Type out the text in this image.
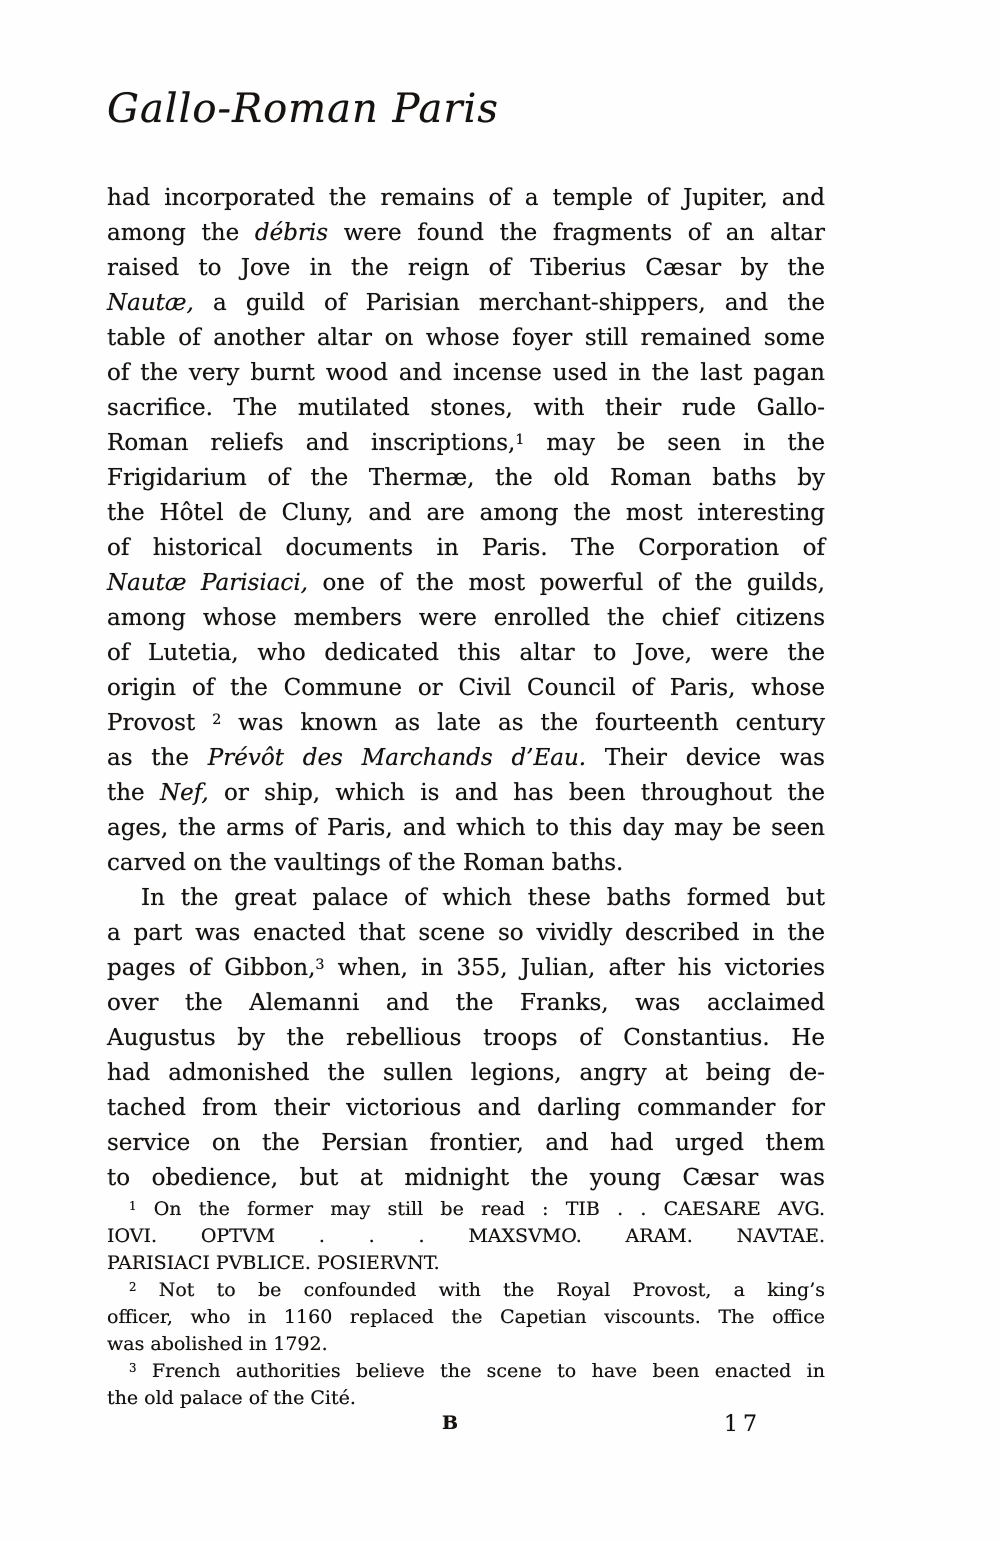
Gallo-Roman Paris
had incorporated the remains of a temple of Jupiter, and
among the débris were found the fragments of an altar
raised to Jove in the reign of Tiberius Cæsar by the
Nautæ, a guild of Parisian merchant-shippers, and the
table of another altar on whose foyer still remained some
of the very burnt wood and incense used in the last pagan
sacrifice. The mutilated stones, with their rude Gallo-
Roman reliefs and inscriptions,$^1$ may be seen in the
Frigidarium of the Thermæ, the old Roman baths by
the Hôtel de Cluny, and are among the most interesting
of historical documents in Paris. The Corporation of
Nautæ Parisiaci, one of the most powerful of the guilds,
among whose members were enrolled the chief citizens
of Lutetia, who dedicated this altar to Jove, were the
origin of the Commune or Civil Council of Paris, whose
Provost $^2$ was known as late as the fourteenth century
as the Prévôt des Marchands d’Eau. Their device was
the Nef, or ship, which is and has been throughout the
ages, the arms of Paris, and which to this day may be seen
carved on the vaultings of the Roman baths.
In the great palace of which these baths formed but
a part was enacted that scene so vividly described in the
pages of Gibbon,$^3$ when, in 355, Julian, after his victories
over the Alemanni and the Franks, was acclaimed
Augustus by the rebellious troops of Constantius. He
had admonished the sullen legions, angry at being de-
tached from their victorious and darling commander for
service on the Persian frontier, and had urged them
to obedience, but at midnight the young Cæsar was
$^1$ On the former may still be read : TIB . . CAESARE AVG.
IOVI. OPTVM . . . MAXSVMO. ARAM. NAVTAE.
PARISIACI PVBLICE. POSIERVNT.
$^2$ Not to be confounded with the Royal Provost, a king’s
officer, who in 1160 replaced the Capetian viscounts. The office
was abolished in 1792.
$^3$ French authorities believe the scene to have been enacted in
the old palace of the Cité.
B	17
